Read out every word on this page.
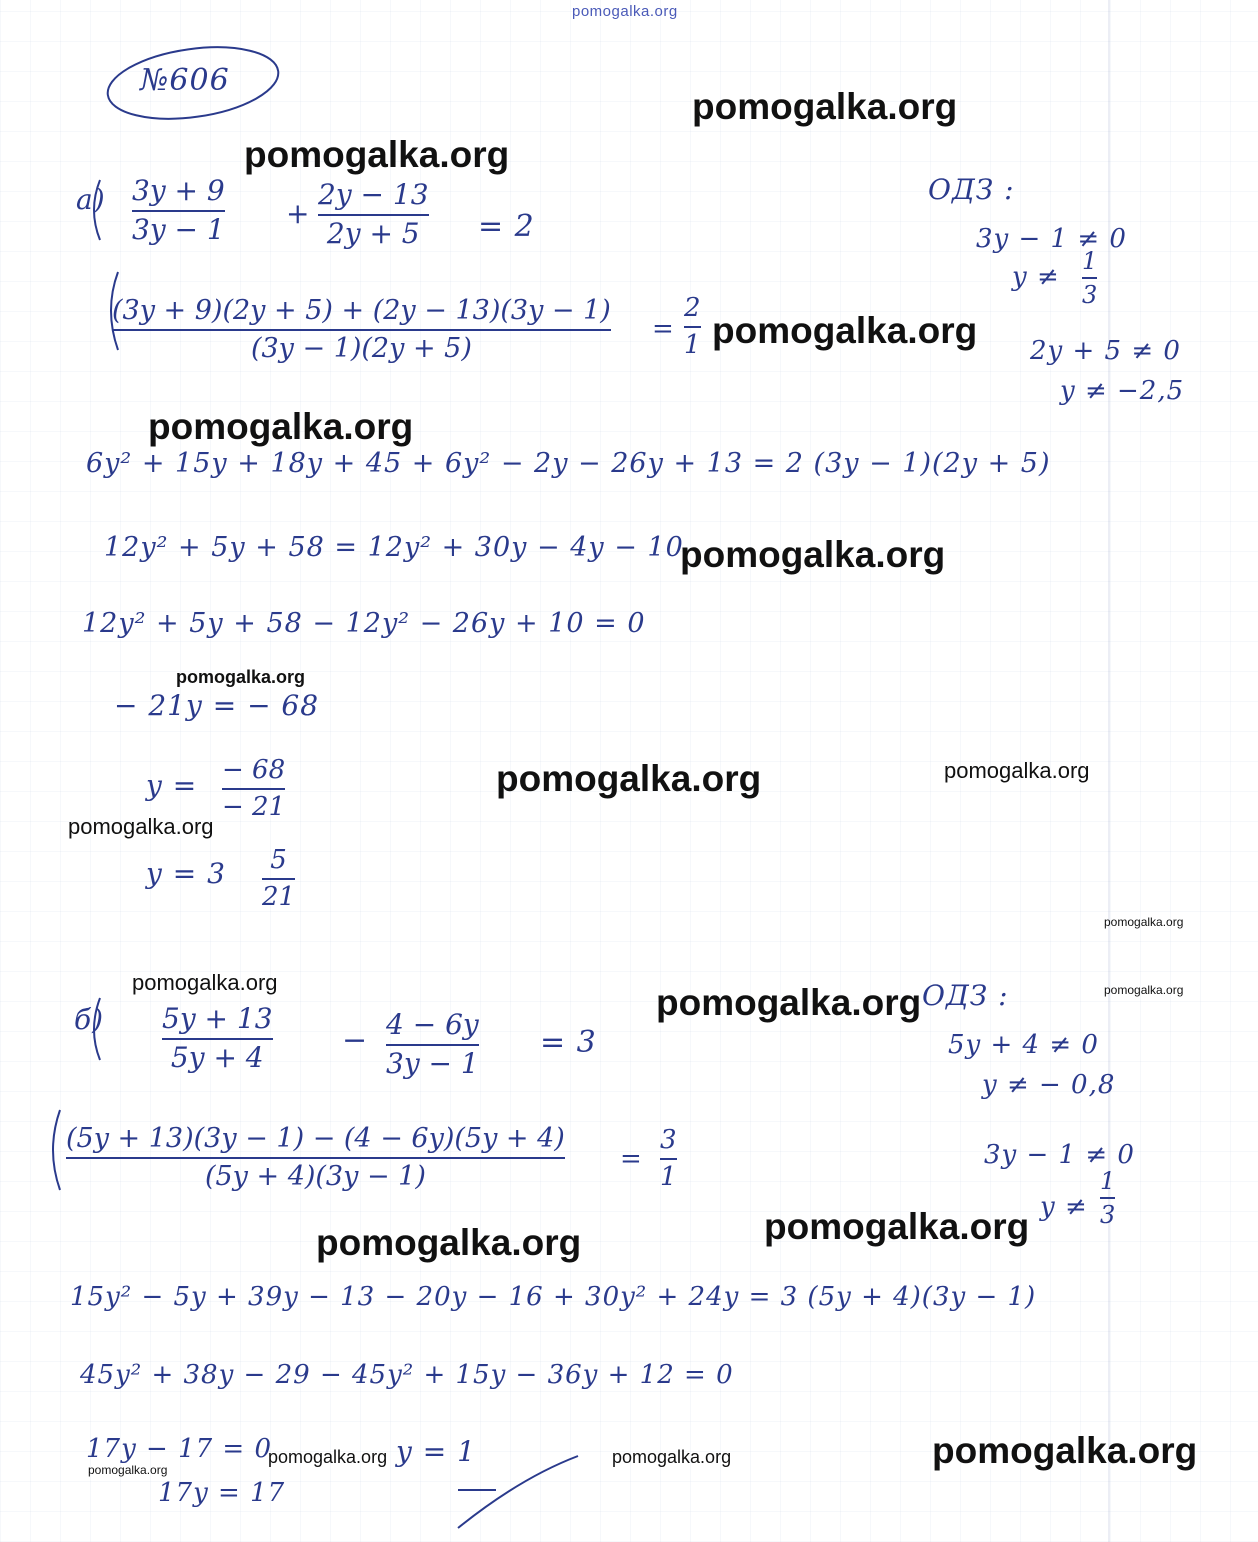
№606
а) 3y + 9
3y − 1 +
2y − 13
2y + 5 = 2
(3y + 9)(2y + 5) + (2y − 13)(3y − 1)
(3y − 1)(2y + 5)
=
2
1
ОДЗ :
3y − 1 ≠ 0
y ≠
1
3
2y + 5 ≠ 0
y ≠ −2,5
6y² + 15y + 18y + 45 + 6y² − 2y − 26y + 13 = 2 (3y − 1)(2y + 5)
12y² + 5y + 58 = 12y² + 30y − 4y − 10
12y² + 5y + 58 − 12y² − 26y + 10 = 0
− 21y = − 68
y = − 68
− 21
y = 3	5
21
б) 5y + 13
5y + 4	− 4 − 6y
3y − 1
= 3
(5y + 13)(3y − 1) − (4 − 6y)(5y + 4)
(5y + 4)(3y − 1)
=
3
1
ОДЗ :
5y + 4 ≠ 0
y ≠ − 0,8
3y − 1 ≠ 0
y ≠
1
3
15y² − 5y + 39y − 13 − 20y − 16 + 30y² + 24y = 3 (5y + 4)(3y − 1)
45y² + 38y − 29 − 45y² + 15y − 36y + 12 = 0
17y − 17 = 0
17y = 17
y = 1
pomogalka.org
pomogalka.org
pomogalka.org
pomogalka.org
pomogalka.org
pomogalka.org
pomogalka.org
pomogalka.org	pomogalka.org
pomogalka.org
pomogalka.org
pomogalka.org	pomogalka.org	pomogalka.org
pomogalka.org
pomogalka.org
pomogalka.org
pomogalka.org	pomogalka.org
pomogalka.org
